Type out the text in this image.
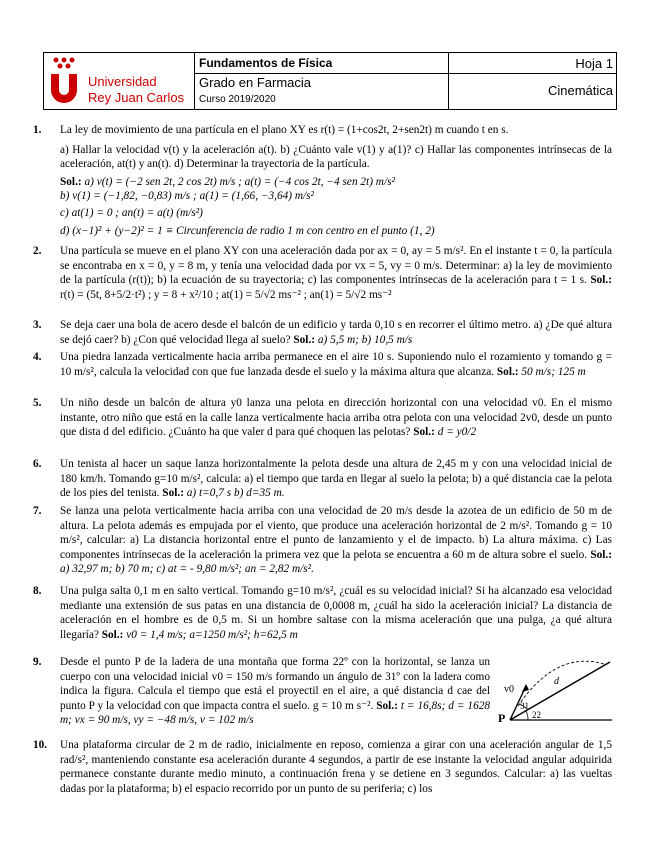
Universidad
Rey Juan Carlos
Fundamentos de Física
Grado en Farmacia
Curso 2019/2020
Hoja 1
Cinemática
1. La ley de movimiento de una partícula en el plano XY es r(t) = (1+cos2t, 2+sen2t) m cuando t en s.
a) Hallar la velocidad v(t) y la aceleración a(t). b) ¿Cuánto vale v(1) y a(1)? c) Hallar las componentes intrínsecas de la aceleración, at(t) y an(t). d) Determinar la trayectoria de la partícula.
Sol.: a) v(t) = (−2 sen 2t, 2 cos 2t) m/s ; a(t) = (−4 cos 2t, −4 sen 2t) m/s²
b) v(1) = (−1,82, −0,83) m/s ; a(1) = (1,66, −3,64) m/s²
c) at(1) = 0 ; an(t) = a(t) (m/s²)
d) (x−1)² + (y−2)² = 1 ≡ Circunferencia de radio 1 m con centro en el punto (1, 2)
2. Una partícula se mueve en el plano XY con una aceleración dada por ax = 0, ay = 5 m/s². En el instante t = 0, la partícula se encontraba en x = 0, y = 8 m, y tenía una velocidad dada por vx = 5, vy = 0 m/s. Determinar: a) la ley de movimiento de la partícula (r(t)); b) la ecuación de su trayectoria; c) las componentes intrínsecas de la aceleración para t = 1 s. Sol.: r(t) = (5t, 8+5/2·t²) ; y = 8 + x²/10 ; at(1) = 5/√2 ms⁻² ; an(1) = 5/√2 ms⁻²
3. Se deja caer una bola de acero desde el balcón de un edificio y tarda 0,10 s en recorrer el último metro. a) ¿De qué altura se dejó caer? b) ¿Con qué velocidad llega al suelo? Sol.: a) 5,5 m; b) 10,5 m/s
4. Una piedra lanzada verticalmente hacia arriba permanece en el aire 10 s. Suponiendo nulo el rozamiento y tomando g = 10 m/s², calcula la velocidad con que fue lanzada desde el suelo y la máxima altura que alcanza. Sol.: 50 m/s; 125 m
5. Un niño desde un balcón de altura y0 lanza una pelota en dirección horizontal con una velocidad v0. En el mismo instante, otro niño que está en la calle lanza verticalmente hacia arriba otra pelota con una velocidad 2v0, desde un punto que dista d del edificio. ¿Cuánto ha que valer d para qué choquen las pelotas? Sol.: d = y0/2
6. Un tenista al hacer un saque lanza horizontalmente la pelota desde una altura de 2,45 m y con una velocidad inicial de 180 km/h. Tomando g=10 m/s², calcula: a) el tiempo que tarda en llegar al suelo la pelota; b) a qué distancia cae la pelota de los pies del tenista. Sol.: a) t=0,7 s b) d=35 m.
7. Se lanza una pelota verticalmente hacia arriba con una velocidad de 20 m/s desde la azotea de un edificio de 50 m de altura. La pelota además es empujada por el viento, que produce una aceleración horizontal de 2 m/s². Tomando g = 10 m/s², calcular: a) La distancia horizontal entre el punto de lanzamiento y el de impacto. b) La altura máxima. c) Las componentes intrínsecas de la aceleración la primera vez que la pelota se encuentra a 60 m de altura sobre el suelo. Sol.: a) 32,97 m; b) 70 m; c) at = - 9,80 m/s²; an = 2,82 m/s².
8. Una pulga salta 0,1 m en salto vertical. Tomando g=10 m/s², ¿cuál es su velocidad inicial? Si ha alcanzado esa velocidad mediante una extensión de sus patas en una distancia de 0,0008 m, ¿cuál ha sido la aceleración inicial? La distancia de aceleración en el hombre es de 0,5 m. Si un hombre saltase con la misma aceleración que una pulga, ¿a qué altura llegaría? Sol.: v0 = 1,4 m/s; a=1250 m/s²; h=62,5 m
9. Desde el punto P de la ladera de una montaña que forma 22º con la horizontal, se lanza un cuerpo con una velocidad inicial v0 = 150 m/s formando un ángulo de 31º con la ladera como indica la figura. Calcula el tiempo que está el proyectil en el aire, a qué distancia d cae del punto P y la velocidad con que impacta contra el suelo. g = 10 m s⁻². Sol.: t = 16,8s; d = 1628 m; vx = 90 m/s, vy = −48 m/s, v = 102 m/s
v0
d
P
31
22
10. Una plataforma circular de 2 m de radio, inicialmente en reposo, comienza a girar con una aceleración angular de 1,5 rad/s², manteniendo constante esa aceleración durante 4 segundos, a partir de ese instante la velocidad angular adquirida permanece constante durante medio minuto, a continuación frena y se detiene en 3 segundos. Calcular: a) las vueltas dadas por la plataforma; b) el espacio recorrido por un punto de su periferia; c) los
